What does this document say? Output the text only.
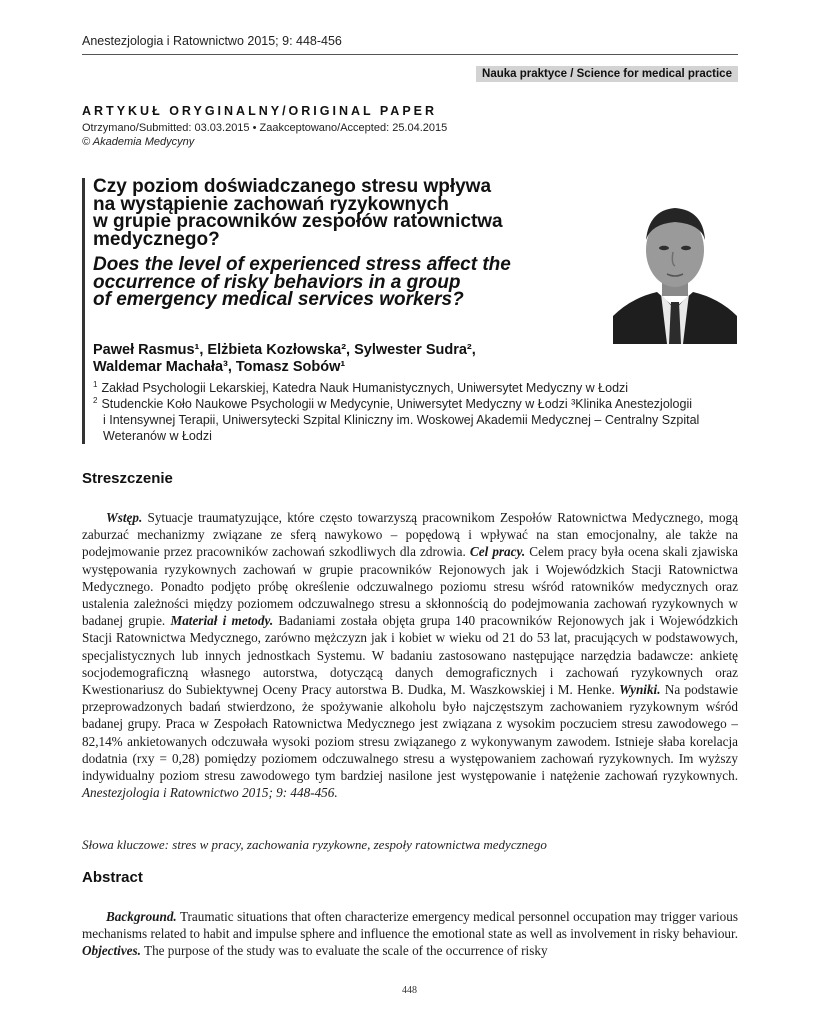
Anestezjologia i Ratownictwo 2015; 9: 448-456
Nauka praktyce / Science for medical practice
ARTYKUŁ ORYGINALNY/ORIGINAL PAPER
Otrzymano/Submitted: 03.03.2015 • Zaakceptowano/Accepted: 25.04.2015
© Akademia Medycyny
Czy poziom doświadczanego stresu wpływa
na wystąpienie zachowań ryzykownych
w grupie pracowników zespołów ratownictwa
medycznego?
Does the level of experienced stress affect the
occurrence of risky behaviors in a group
of emergency medical services workers?
Paweł Rasmus¹, Elżbieta Kozłowska², Sylwester Sudra²,
Waldemar Machała³, Tomasz Sobów¹
$^1$ Zakład Psychologii Lekarskiej, Katedra Nauk Humanistycznych, Uniwersytet Medyczny w Łodzi
$^2$ Studenckie Koło Naukowe Psychologii w Medycynie, Uniwersytet Medyczny w Łodzi ³Klinika Anestezjologii
i Intensywnej Terapii, Uniwersytecki Szpital Kliniczny im. Woskowej Akademii Medycznej – Centralny Szpital
Weteranów w Łodzi
Streszczenie

Wstęp. Sytuacje traumatyzujące, które często towarzyszą pracownikom Zespołów Ratownictwa Medycznego, mogą zaburzać mechanizmy związane ze sferą nawykowo – popędową i wpływać na stan emocjonalny, ale także na podejmowanie przez pracowników zachowań szkodliwych dla zdrowia. Cel pracy. Celem pracy była ocena skali zjawiska występowania ryzykownych zachowań w grupie pracowników Rejonowych jak i Wojewódzkich Stacji Ratownictwa Medycznego. Ponadto podjęto próbę określenie odczuwalnego poziomu stresu wśród ratowników medycznych oraz ustalenia zależności między poziomem odczuwalnego stresu a skłonnością do podejmowania zachowań ryzykownych w badanej grupie. Materiał i metody. Badaniami została objęta grupa 140 pracowników Rejonowych jak i Wojewódzkich Stacji Ratownictwa Medycznego, zarówno mężczyzn jak i kobiet w wieku od 21 do 53 lat, pracujących w podstawowych, specjalistycznych lub innych jednostkach Systemu. W badaniu zastosowano następujące narzędzia badawcze: ankietę socjodemograficzną własnego autorstwa, dotyczącą danych demograficznych i zachowań ryzykownych oraz Kwestionariusz do Subiektywnej Oceny Pracy autorstwa B. Dudka, M. Waszkowskiej i M. Henke. Wyniki. Na podstawie przeprowadzonych badań stwierdzono, że spożywanie alkoholu było najczęstszym zachowaniem ryzykownym wśród badanej grupy. Praca w Zespołach Ratownictwa Medycznego jest związana z wysokim poczuciem stresu zawodowego – 82,14% ankietowanych odczuwała wysoki poziom stresu związanego z wykonywanym zawodem. Istnieje słaba korelacja dodatnia (rxy = 0,28) pomiędzy poziomem odczuwalnego stresu a występowaniem zachowań ryzykownych. Im wyższy indywidualny poziom stresu zawodowego tym bardziej nasilone jest występowanie i natężenie zachowań ryzykownych. Anestezjologia i Ratownictwo 2015; 9: 448-456.

Słowa kluczowe: stres w pracy, zachowania ryzykowne, zespoły ratownictwa medycznego
Abstract

Background. Traumatic situations that often characterize emergency medical personnel occupation may trigger various mechanisms related to habit and impulse sphere and influence the emotional state as well as involvement in risky behaviour. Objectives. The purpose of the study was to evaluate the scale of the occurrence of risky

448
